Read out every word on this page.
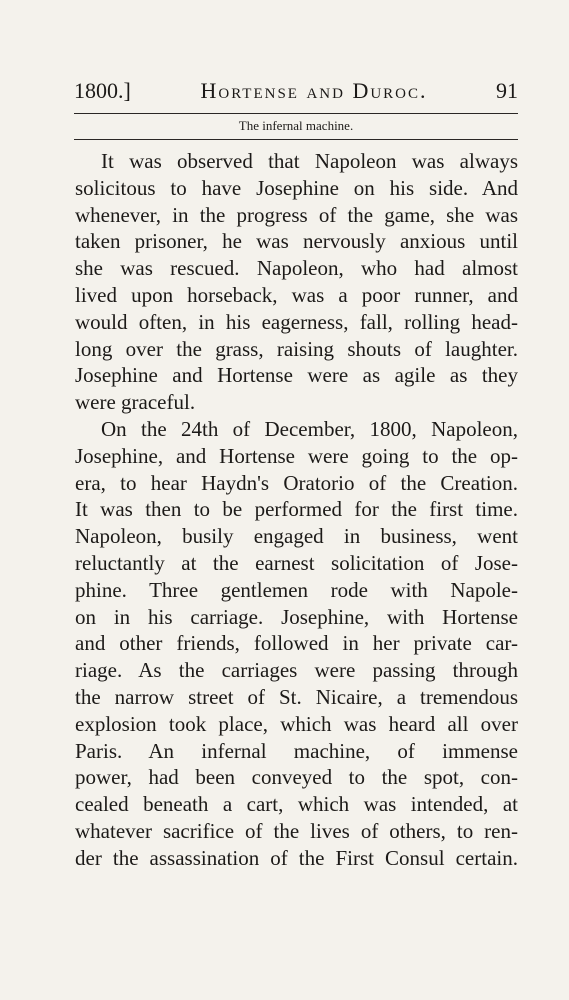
1800.]	Hortense and Duroc.	91
The infernal machine.
It was observed that Napoleon was always
solicitous to have Josephine on his side. And
whenever, in the progress of the game, she was
taken prisoner, he was nervously anxious until
she was rescued. Napoleon, who had almost
lived upon horseback, was a poor runner, and
would often, in his eagerness, fall, rolling head-
long over the grass, raising shouts of laughter.
Josephine and Hortense were as agile as they
were graceful.
On the 24th of December, 1800, Napoleon,
Josephine, and Hortense were going to the op-
era, to hear Haydn's Oratorio of the Creation.
It was then to be performed for the first time.
Napoleon, busily engaged in business, went
reluctantly at the earnest solicitation of Jose-
phine. Three gentlemen rode with Napole-
on in his carriage. Josephine, with Hortense
and other friends, followed in her private car-
riage. As the carriages were passing through
the narrow street of St. Nicaire, a tremendous
explosion took place, which was heard all over
Paris. An infernal machine, of immense
power, had been conveyed to the spot, con-
cealed beneath a cart, which was intended, at
whatever sacrifice of the lives of others, to ren-
der the assassination of the First Consul certain.
